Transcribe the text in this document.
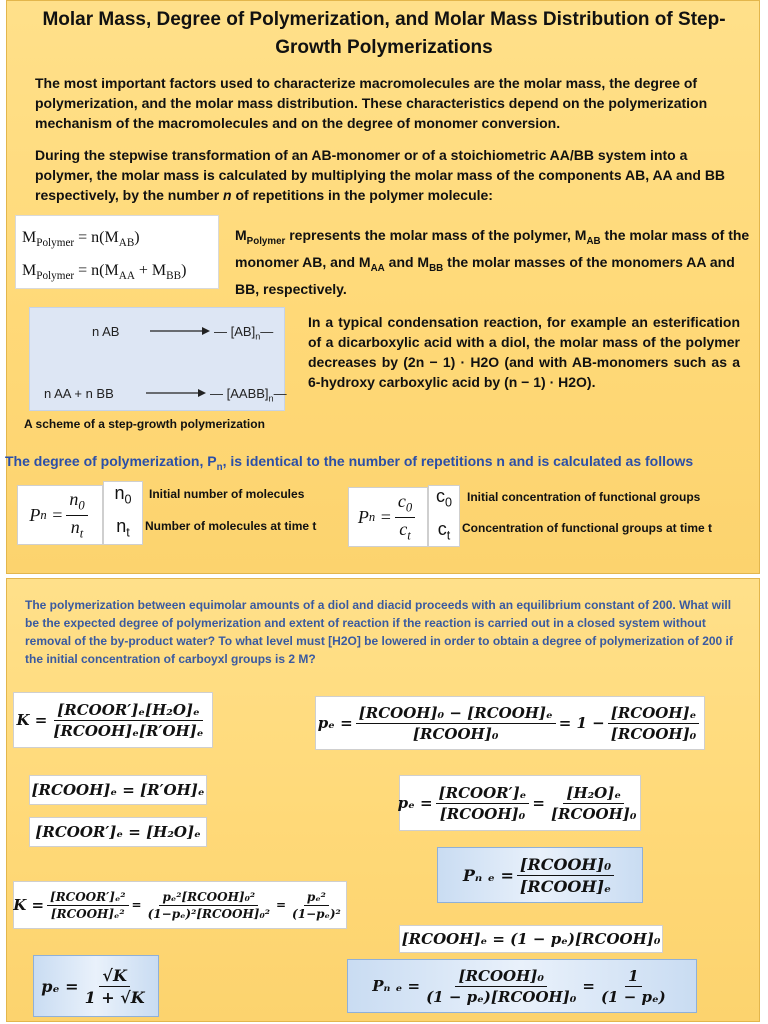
Molar Mass, Degree of Polymerization, and Molar Mass Distribution of Step-Growth Polymerizations
The most important factors used to characterize macromolecules are the molar mass, the degree of polymerization, and the molar mass distribution. These characteristics depend on the polymerization mechanism of the macromolecules and on the degree of monomer conversion.
During the stepwise transformation of an AB-monomer or of a stoichiometric AA/BB system into a polymer, the molar mass is calculated by multiplying the molar mass of the components AB, AA and BB respectively, by the number n of repetitions in the polymer molecule:
$M_{Polymer} = n(M_{AB})$
$M_{Polymer} = n(M_{AA} + M_{BB})$
$M_{Polymer}$ represents the molar mass of the polymer, $M_{AB}$ the molar mass of the monomer AB, and $M_{AA}$ and $M_{BB}$ the molar masses of the monomers AA and BB, respectively.
n AB	— $[AB]_n—$
n AA + n BB	— $[AABB]_n—$
A scheme of a step-growth polymerization
In a typical condensation reaction, for example an esterification of a dicarboxylic acid with a diol, the molar mass of the polymer decreases by (2n − 1) · H2O (and with AB-monomers such as a 6-hydroxy carboxylic acid by (n − 1) · H2O).
The degree of polymerization, $P_n$, is identical to the number of repetitions n and is calculated as follows
P $n = \frac{n_0}{n_t} n_0$
$n_t$
Initial number of molecules
Number of molecules at time t P $n = \frac{c_0}{c_t} c_0$
$c_t$
Initial concentration of functional groups
Concentration of functional groups at time t
The polymerization between equimolar amounts of a diol and diacid proceeds with an equilibrium constant of 200. What will be the expected degree of polymerization and extent of reaction if the reaction is carried out in a closed system without removal of the by-product water? To what level must [H2O] be lowered in order to obtain a degree of polymerization of 200 if the initial concentration of carboyxl groups is 2 M?
$K = \frac{\text{[RCOOR′]ₑ[H₂O]ₑ}}{\text{[RCOOH]ₑ[R′OH]ₑ}}$	$p_e = \frac{\text{[RCOOH]₀ − [RCOOH]ₑ}}{\text{[RCOOH]₀}} = 1 - \frac{\text{[RCOOH]ₑ}}{\text{[RCOOH]₀}}$
[RCOOH]ₑ = [R′OH]ₑ
[RCOOR′]ₑ = [H₂O]ₑ
$p_e = \frac{\text{[RCOOR′]ₑ}}{\text{[RCOOH]₀}} = \frac{\text{[H₂O]ₑ}}{\text{[RCOOH]₀}}$
Pₙ $_e = \frac{\text{[RCOOH]₀}}{\text{[RCOOH]ₑ}}$
$K = \frac{\text{[RCOOR′]ₑ²}}{\text{[RCOOH]ₑ²}} = \frac{\text{pₑ²[RCOOH]₀²}}{\text{(1−pₑ)²[RCOOH]₀²}} = \frac{\text{pₑ²}}{\text{(1−pₑ)²}}$
[RCOOH]ₑ = (1 − pₑ)[RCOOH]₀
$p_e = \frac{√K}{1 + √K}$	Pₙ $_e = \frac{\text{[RCOOH]₀}}{\text{(1 − pₑ)[RCOOH]₀}} = \frac{1}{\text{(1 − pₑ)}}$
